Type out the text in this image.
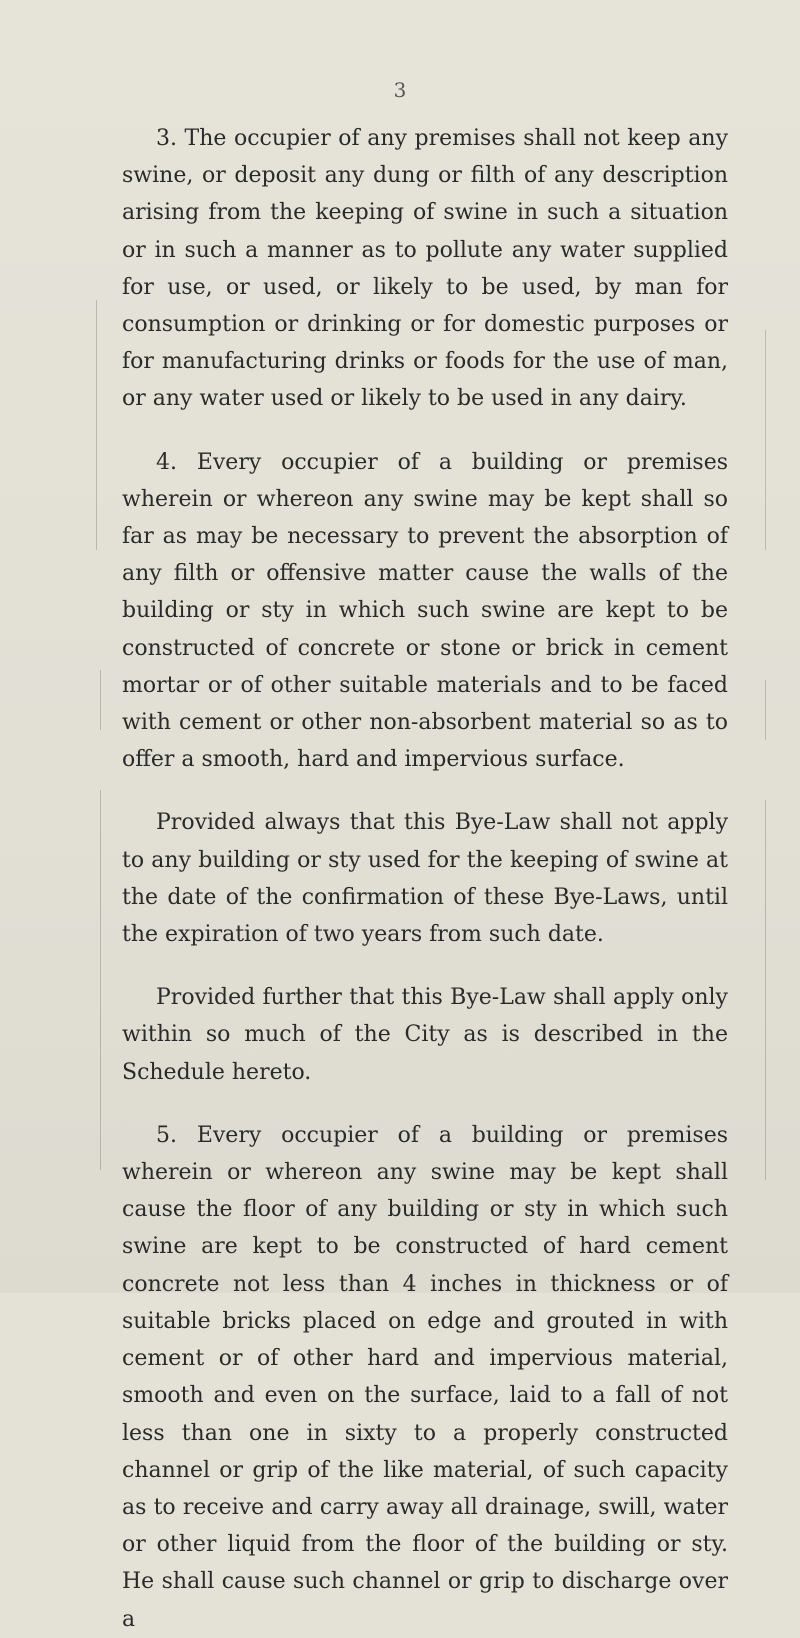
3

3. The occupier of any premises shall not keep any swine, or deposit any dung or filth of any description arising from the keeping of swine in such a situation or in such a manner as to pollute any water supplied for use, or used, or likely to be used, by man for consumption or drinking or for domestic purposes or for manufacturing drinks or foods for the use of man, or any water used or likely to be used in any dairy.

4. Every occupier of a building or premises wherein or whereon any swine may be kept shall so far as may be necessary to prevent the absorption of any filth or offensive matter cause the walls of the building or sty in which such swine are kept to be constructed of concrete or stone or brick in cement mortar or of other suitable materials and to be faced with cement or other non-absorbent material so as to offer a smooth, hard and impervious surface.

Provided always that this Bye-Law shall not apply to any building or sty used for the keeping of swine at the date of the confirmation of these Bye-Laws, until the expiration of two years from such date.

Provided further that this Bye-Law shall apply only within so much of the City as is described in the Schedule hereto.

5. Every occupier of a building or premises wherein or whereon any swine may be kept shall cause the floor of any building or sty in which such swine are kept to be constructed of hard cement concrete not less than 4 inches in thickness or of suitable bricks placed on edge and grouted in with cement or of other hard and impervious material, smooth and even on the surface, laid to a fall of not less than one in sixty to a properly constructed channel or grip of the like material, of such capacity as to receive and carry away all drainage, swill, water or other liquid from the floor of the building or sty. He shall cause such channel or grip to discharge over a
